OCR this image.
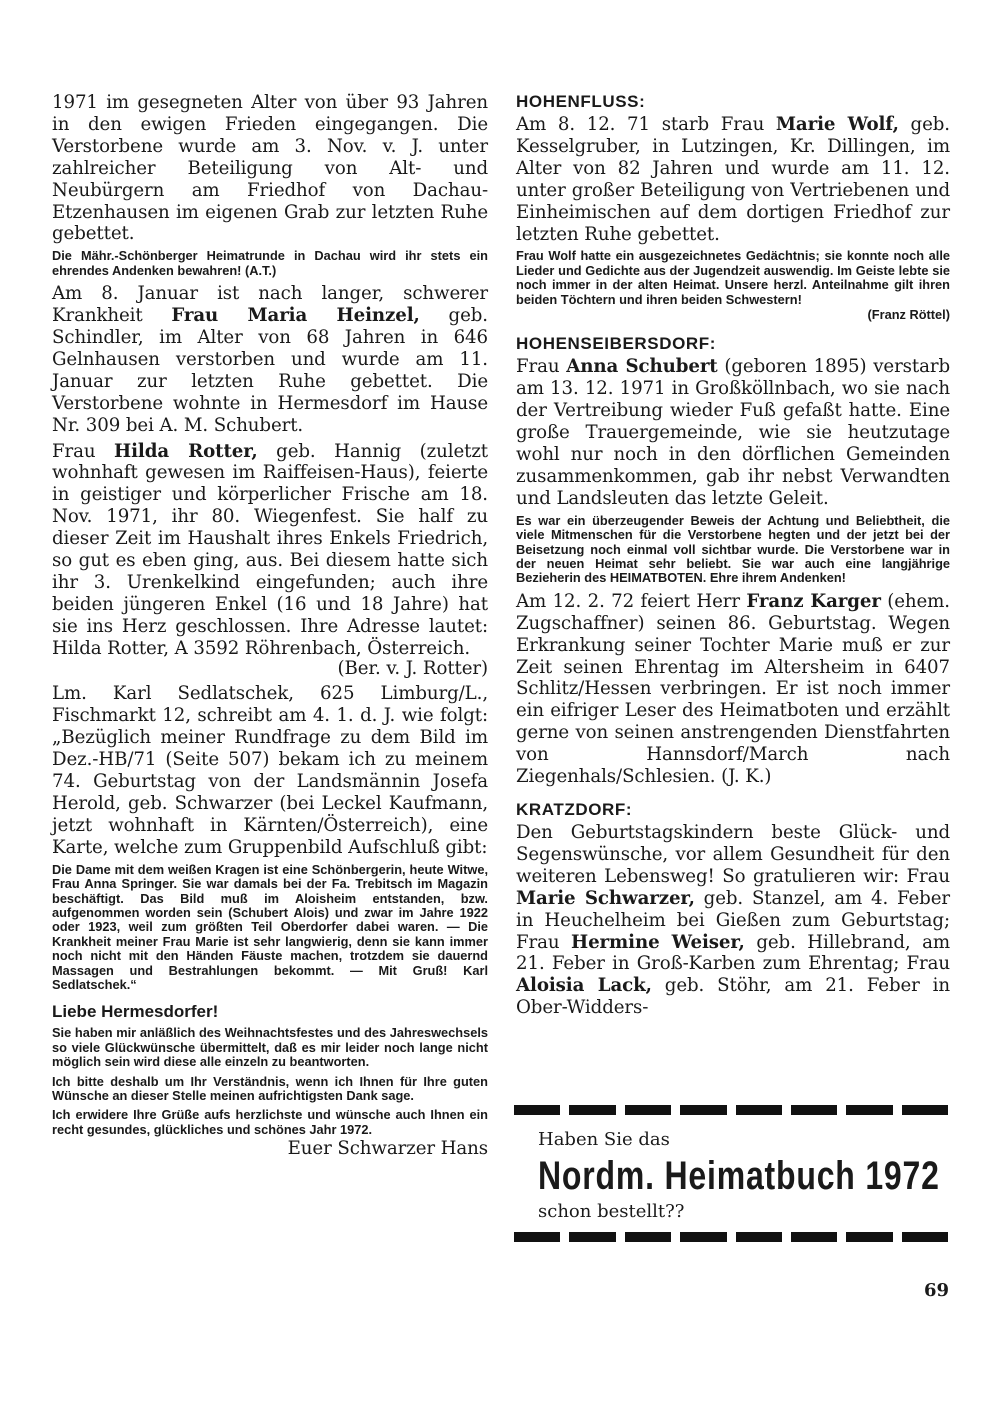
1971 im gesegneten Alter von über 93 Jahren in den ewigen Frieden eingegangen. Die Verstorbene wurde am 3. Nov. v. J. unter zahlreicher Beteiligung von Alt- und Neubürgern am Friedhof von Dachau-Etzenhausen im eigenen Grab zur letzten Ruhe gebettet.

Die Mähr.-Schönberger Heimatrunde in Dachau wird ihr stets ein ehrendes Andenken bewahren! (A.T.)

Am 8. Januar ist nach langer, schwerer Krankheit Frau Maria Heinzel, geb. Schindler, im Alter von 68 Jahren in 646 Gelnhausen verstorben und wurde am 11. Januar zur letzten Ruhe gebettet. Die Verstorbene wohnte in Hermesdorf im Hause Nr. 309 bei A. M. Schubert.

Frau Hilda Rotter, geb. Hannig (zuletzt wohnhaft gewesen im Raiffeisen-Haus), feierte in geistiger und körperlicher Frische am 18. Nov. 1971, ihr 80. Wiegenfest. Sie half zu dieser Zeit im Haushalt ihres Enkels Friedrich, so gut es eben ging, aus. Bei diesem hatte sich ihr 3. Urenkelkind eingefunden; auch ihre beiden jüngeren Enkel (16 und 18 Jahre) hat sie ins Herz geschlossen. Ihre Adresse lautet: Hilda Rotter, A 3592 Röhrenbach, Österreich.

(Ber. v. J. Rotter)

Lm. Karl Sedlatschek, 625 Limburg/L., Fischmarkt 12, schreibt am 4. 1. d. J. wie folgt: „Bezüglich meiner Rundfrage zu dem Bild im Dez.-HB/71 (Seite 507) bekam ich zu meinem 74. Geburtstag von der Landsmännin Josefa Herold, geb. Schwarzer (bei Leckel Kaufmann, jetzt wohnhaft in Kärnten/Österreich), eine Karte, welche zum Gruppenbild Aufschluß gibt:

Die Dame mit dem weißen Kragen ist eine Schönbergerin, heute Witwe, Frau Anna Springer. Sie war damals bei der Fa. Trebitsch im Magazin beschäftigt. Das Bild muß im Aloisheim entstanden, bzw. aufgenommen worden sein (Schubert Alois) und zwar im Jahre 1922 oder 1923, weil zum größten Teil Oberdorfer dabei waren. — Die Krankheit meiner Frau Marie ist sehr langwierig, denn sie kann immer noch nicht mit den Händen Fäuste machen, trotzdem sie dauernd Massagen und Bestrahlungen bekommt. — Mit Gruß! Karl Sedlatschek.“

Liebe Hermesdorfer!

Sie haben mir anläßlich des Weihnachtsfestes und des Jahreswechsels so viele Glückwünsche übermittelt, daß es mir leider noch lange nicht möglich sein wird diese alle einzeln zu beantworten.

Ich bitte deshalb um Ihr Verständnis, wenn ich Ihnen für Ihre guten Wünsche an dieser Stelle meinen aufrichtigsten Dank sage.

Ich erwidere Ihre Grüße aufs herzlichste und wünsche auch Ihnen ein recht gesundes, glückliches und schönes Jahr 1972.

Euer Schwarzer Hans

HOHENFLUSS:

Am 8. 12. 71 starb Frau Marie Wolf, geb. Kesselgruber, in Lutzingen, Kr. Dillingen, im Alter von 82 Jahren und wurde am 11. 12. unter großer Beteiligung von Vertriebenen und Einheimischen auf dem dortigen Friedhof zur letzten Ruhe gebettet.

Frau Wolf hatte ein ausgezeichnetes Gedächtnis; sie konnte noch alle Lieder und Gedichte aus der Jugendzeit auswendig. Im Geiste lebte sie noch immer in der alten Heimat. Unsere herzl. Anteilnahme gilt ihren beiden Töchtern und ihren beiden Schwestern!

(Franz Röttel)

HOHENSEIBERSDORF:

Frau Anna Schubert (geboren 1895) verstarb am 13. 12. 1971 in Großköllnbach, wo sie nach der Vertreibung wieder Fuß gefaßt hatte. Eine große Trauergemeinde, wie sie heutzutage wohl nur noch in den dörflichen Gemeinden zusammenkommen, gab ihr nebst Verwandten und Landsleuten das letzte Geleit.

Es war ein überzeugender Beweis der Achtung und Beliebtheit, die viele Mitmenschen für die Verstorbene hegten und der jetzt bei der Beisetzung noch einmal voll sichtbar wurde. Die Verstorbene war in der neuen Heimat sehr beliebt. Sie war auch eine langjährige Bezieherin des HEIMATBOTEN. Ehre ihrem Andenken!

Am 12. 2. 72 feiert Herr Franz Karger (ehem. Zugschaffner) seinen 86. Geburtstag. Wegen Erkrankung seiner Tochter Marie muß er zur Zeit seinen Ehrentag im Altersheim in 6407 Schlitz/Hessen verbringen. Er ist noch immer ein eifriger Leser des Heimatboten und erzählt gerne von seinen anstrengenden Dienstfahrten von Hannsdorf/March nach Ziegenhals/Schlesien. (J. K.)

KRATZDORF:

Den Geburtstagskindern beste Glück- und Segenswünsche, vor allem Gesundheit für den weiteren Lebensweg! So gratulieren wir: Frau Marie Schwarzer, geb. Stanzel, am 4. Feber in Heuchelheim bei Gießen zum Geburtstag; Frau Hermine Weiser, geb. Hillebrand, am 21. Feber in Groß-Karben zum Ehrentag; Frau Aloisia Lack, geb. Stöhr, am 21. Feber in Ober-Widders-

Haben Sie das
Nordm. Heimatbuch 1972
schon bestellt??
69
